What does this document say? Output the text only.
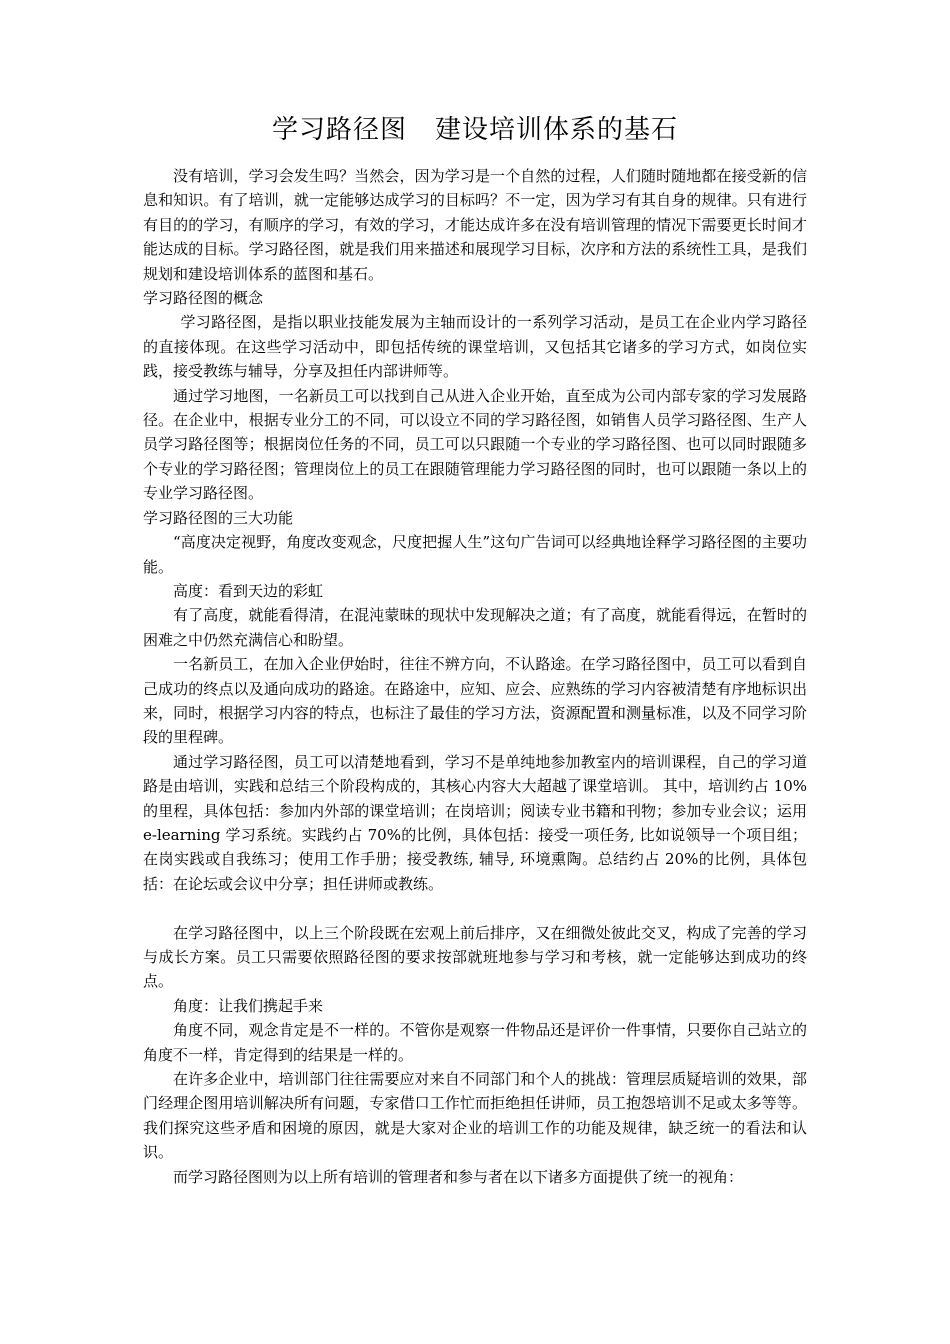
学习路径图 建设培训体系的基石

没有培训，学习会发生吗？当然会，因为学习是一个自然的过程，人们随时随地都在接受新的信息和知识。有了培训，就一定能够达成学习的目标吗？不一定，因为学习有其自身的规律。只有进行有目的的学习，有顺序的学习，有效的学习，才能达成许多在没有培训管理的情况下需要更长时间才能达成的目标。学习路径图，就是我们用来描述和展现学习目标，次序和方法的系统性工具，是我们规划和建设培训体系的蓝图和基石。

学习路径图的概念

学习路径图，是指以职业技能发展为主轴而设计的一系列学习活动，是员工在企业内学习路径的直接体现。在这些学习活动中，即包括传统的课堂培训，又包括其它诸多的学习方式，如岗位实践，接受教练与辅导，分享及担任内部讲师等。

通过学习地图，一名新员工可以找到自己从进入企业开始，直至成为公司内部专家的学习发展路径。在企业中，根据专业分工的不同，可以设立不同的学习路径图，如销售人员学习路径图、生产人员学习路径图等；根据岗位任务的不同，员工可以只跟随一个专业的学习路径图、也可以同时跟随多个专业的学习路径图；管理岗位上的员工在跟随管理能力学习路径图的同时，也可以跟随一条以上的专业学习路径图。

学习路径图的三大功能

“高度决定视野，角度改变观念，尺度把握人生”这句广告词可以经典地诠释学习路径图的主要功能。

高度：看到天边的彩虹

有了高度，就能看得清，在混沌蒙昧的现状中发现解决之道；有了高度，就能看得远，在暂时的困难之中仍然充满信心和盼望。

一名新员工，在加入企业伊始时，往往不辨方向，不认路途。在学习路径图中，员工可以看到自己成功的终点以及通向成功的路途。在路途中，应知、应会、应熟练的学习内容被清楚有序地标识出来，同时，根据学习内容的特点，也标注了最佳的学习方法，资源配置和测量标准，以及不同学习阶段的里程碑。

通过学习路径图，员工可以清楚地看到，学习不是单纯地参加教室内的培训课程，自己的学习道路是由培训，实践和总结三个阶段构成的，其核心内容大大超越了课堂培训。 其中，培训约占 10%的里程，具体包括：参加内外部的课堂培训；在岗培训；阅读专业书籍和刊物；参加专业会议；运用 e-learning 学习系统。实践约占 70%的比例，具体包括：接受一项任务, 比如说领导一个项目组；在岗实践或自我练习；使用工作手册；接受教练, 辅导, 环境熏陶。总结约占 20%的比例，具体包括：在论坛或会议中分享；担任讲师或教练。

在学习路径图中，以上三个阶段既在宏观上前后排序，又在细微处彼此交叉，构成了完善的学习与成长方案。员工只需要依照路径图的要求按部就班地参与学习和考核，就一定能够达到成功的终点。

角度：让我们携起手来

角度不同，观念肯定是不一样的。不管你是观察一件物品还是评价一件事情，只要你自己站立的角度不一样，肯定得到的结果是一样的。

在许多企业中，培训部门往往需要应对来自不同部门和个人的挑战：管理层质疑培训的效果，部门经理企图用培训解决所有问题，专家借口工作忙而拒绝担任讲师，员工抱怨培训不足或太多等等。我们探究这些矛盾和困境的原因，就是大家对企业的培训工作的功能及规律，缺乏统一的看法和认识。

而学习路径图则为以上所有培训的管理者和参与者在以下诸多方面提供了统一的视角：
